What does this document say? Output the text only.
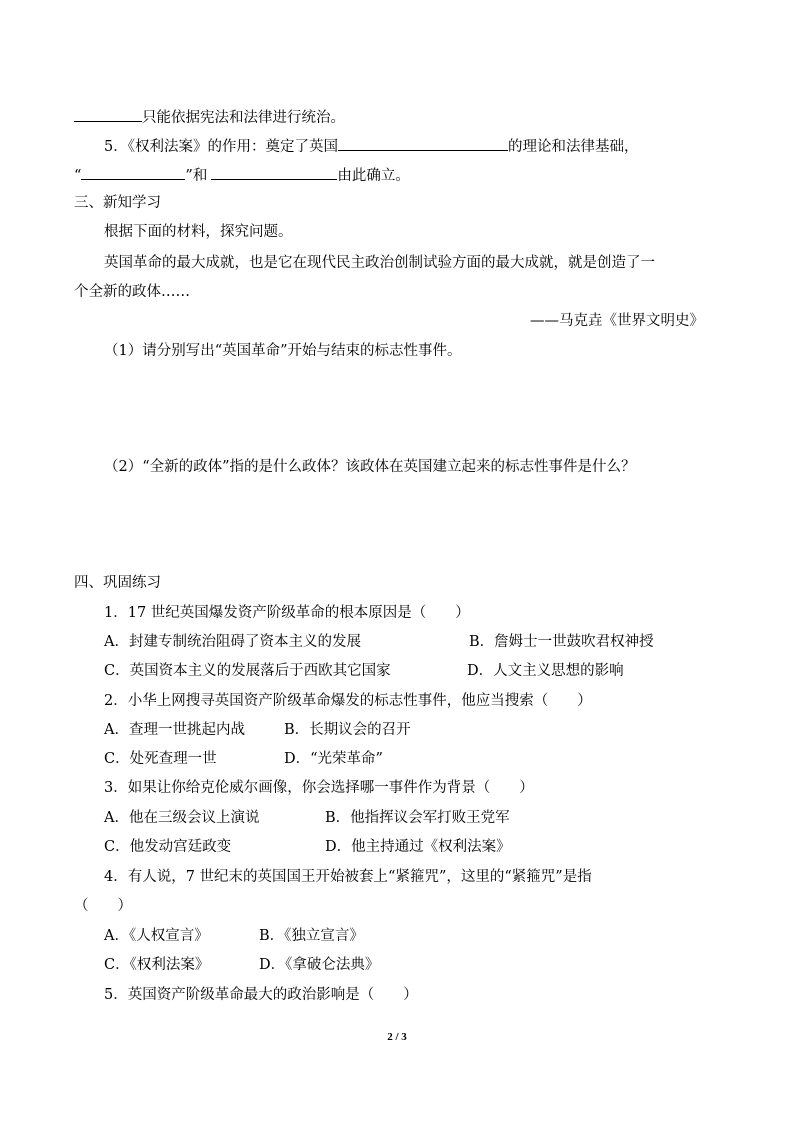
只能依据宪法和法律进行统治。
5．《权利法案》的作用：奠定了英国	的理论和法律基础，
“	”和	由此确立。
三、新知学习
根据下面的材料，探究问题。
英国革命的最大成就，也是它在现代民主政治创制试验方面的最大成就，就是创造了一
个全新的政体……
——马克垚《世界文明史》
（1）请分别写出“英国革命”开始与结束的标志性事件。
（2）“全新的政体”指的是什么政体？该政体在英国建立起来的标志性事件是什么？
四、巩固练习
1．17 世纪英国爆发资产阶级革命的根本原因是（　　）
A．封建专制统治阻碍了资本主义的发展	B．詹姆士一世鼓吹君权神授
C．英国资本主义的发展落后于西欧其它国家	D．人文主义思想的影响
2．小华上网搜寻英国资产阶级革命爆发的标志性事件，他应当搜索（　　）
A．查理一世挑起内战	B．长期议会的召开
C．处死查理一世	D．“光荣革命”
3．如果让你给克伦威尔画像，你会选择哪一事件作为背景（　　）
A．他在三级会议上演说	B．他指挥议会军打败王党军
C．他发动宫廷政变	D．他主持通过《权利法案》
4．有人说，7 世纪末的英国国王开始被套上“紧箍咒”，这里的“紧箍咒”是指
（　　）
A．《人权宣言》	B．《独立宣言》
C．《权利法案》	D．《拿破仑法典》
5．英国资产阶级革命最大的政治影响是（　　）
2 / 3
